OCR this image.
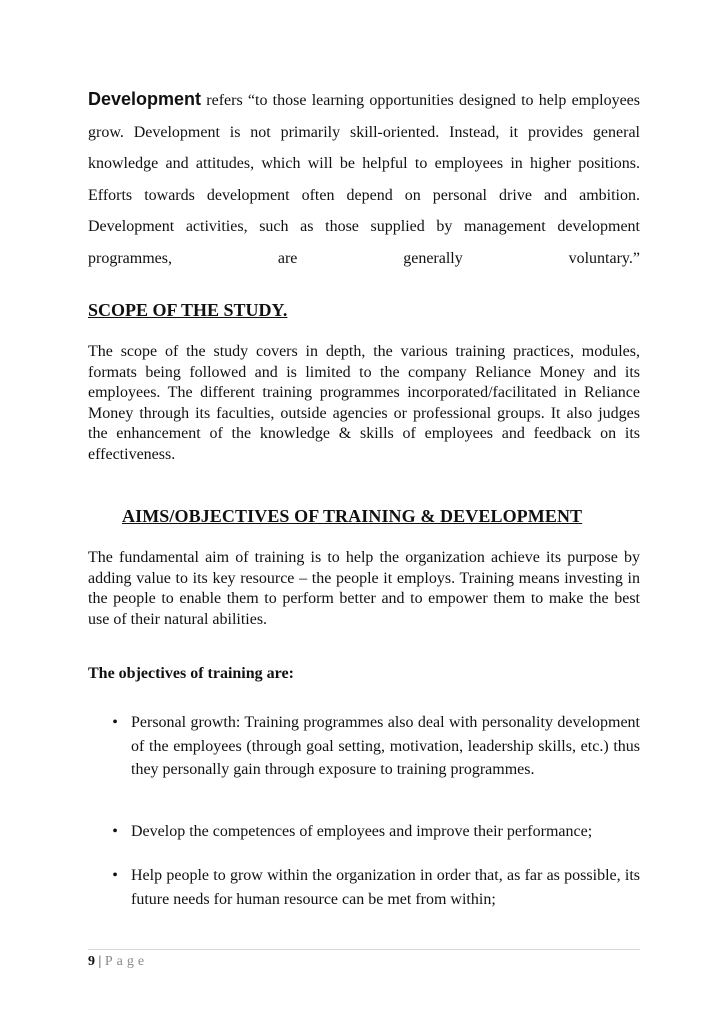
Development refers “to those learning opportunities designed to help employees grow. Development is not primarily skill-oriented. Instead, it provides general knowledge and attitudes, which will be helpful to employees in higher positions. Efforts towards development often depend on personal drive and ambition. Development activities, such as those supplied by management development programmes, are generally voluntary.”

SCOPE OF THE STUDY.

The scope of the study covers in depth, the various training practices, modules, formats being followed and is limited to the company Reliance Money and its employees. The different training programmes incorporated/facilitated in Reliance Money through its faculties, outside agencies or professional groups. It also judges the enhancement of the knowledge & skills of employees and feedback on its effectiveness.

AIMS/OBJECTIVES OF TRAINING & DEVELOPMENT

The fundamental aim of training is to help the organization achieve its purpose by adding value to its key resource – the people it employs. Training means investing in the people to enable them to perform better and to empower them to make the best use of their natural abilities.

The objectives of training are:

• Personal growth: Training programmes also deal with personality development of the employees (through goal setting, motivation, leadership skills, etc.) thus they personally gain through exposure to training programmes.
• Develop the competences of employees and improve their performance;
• Help people to grow within the organization in order that, as far as possible, its future needs for human resource can be met from within;
9 | Page
